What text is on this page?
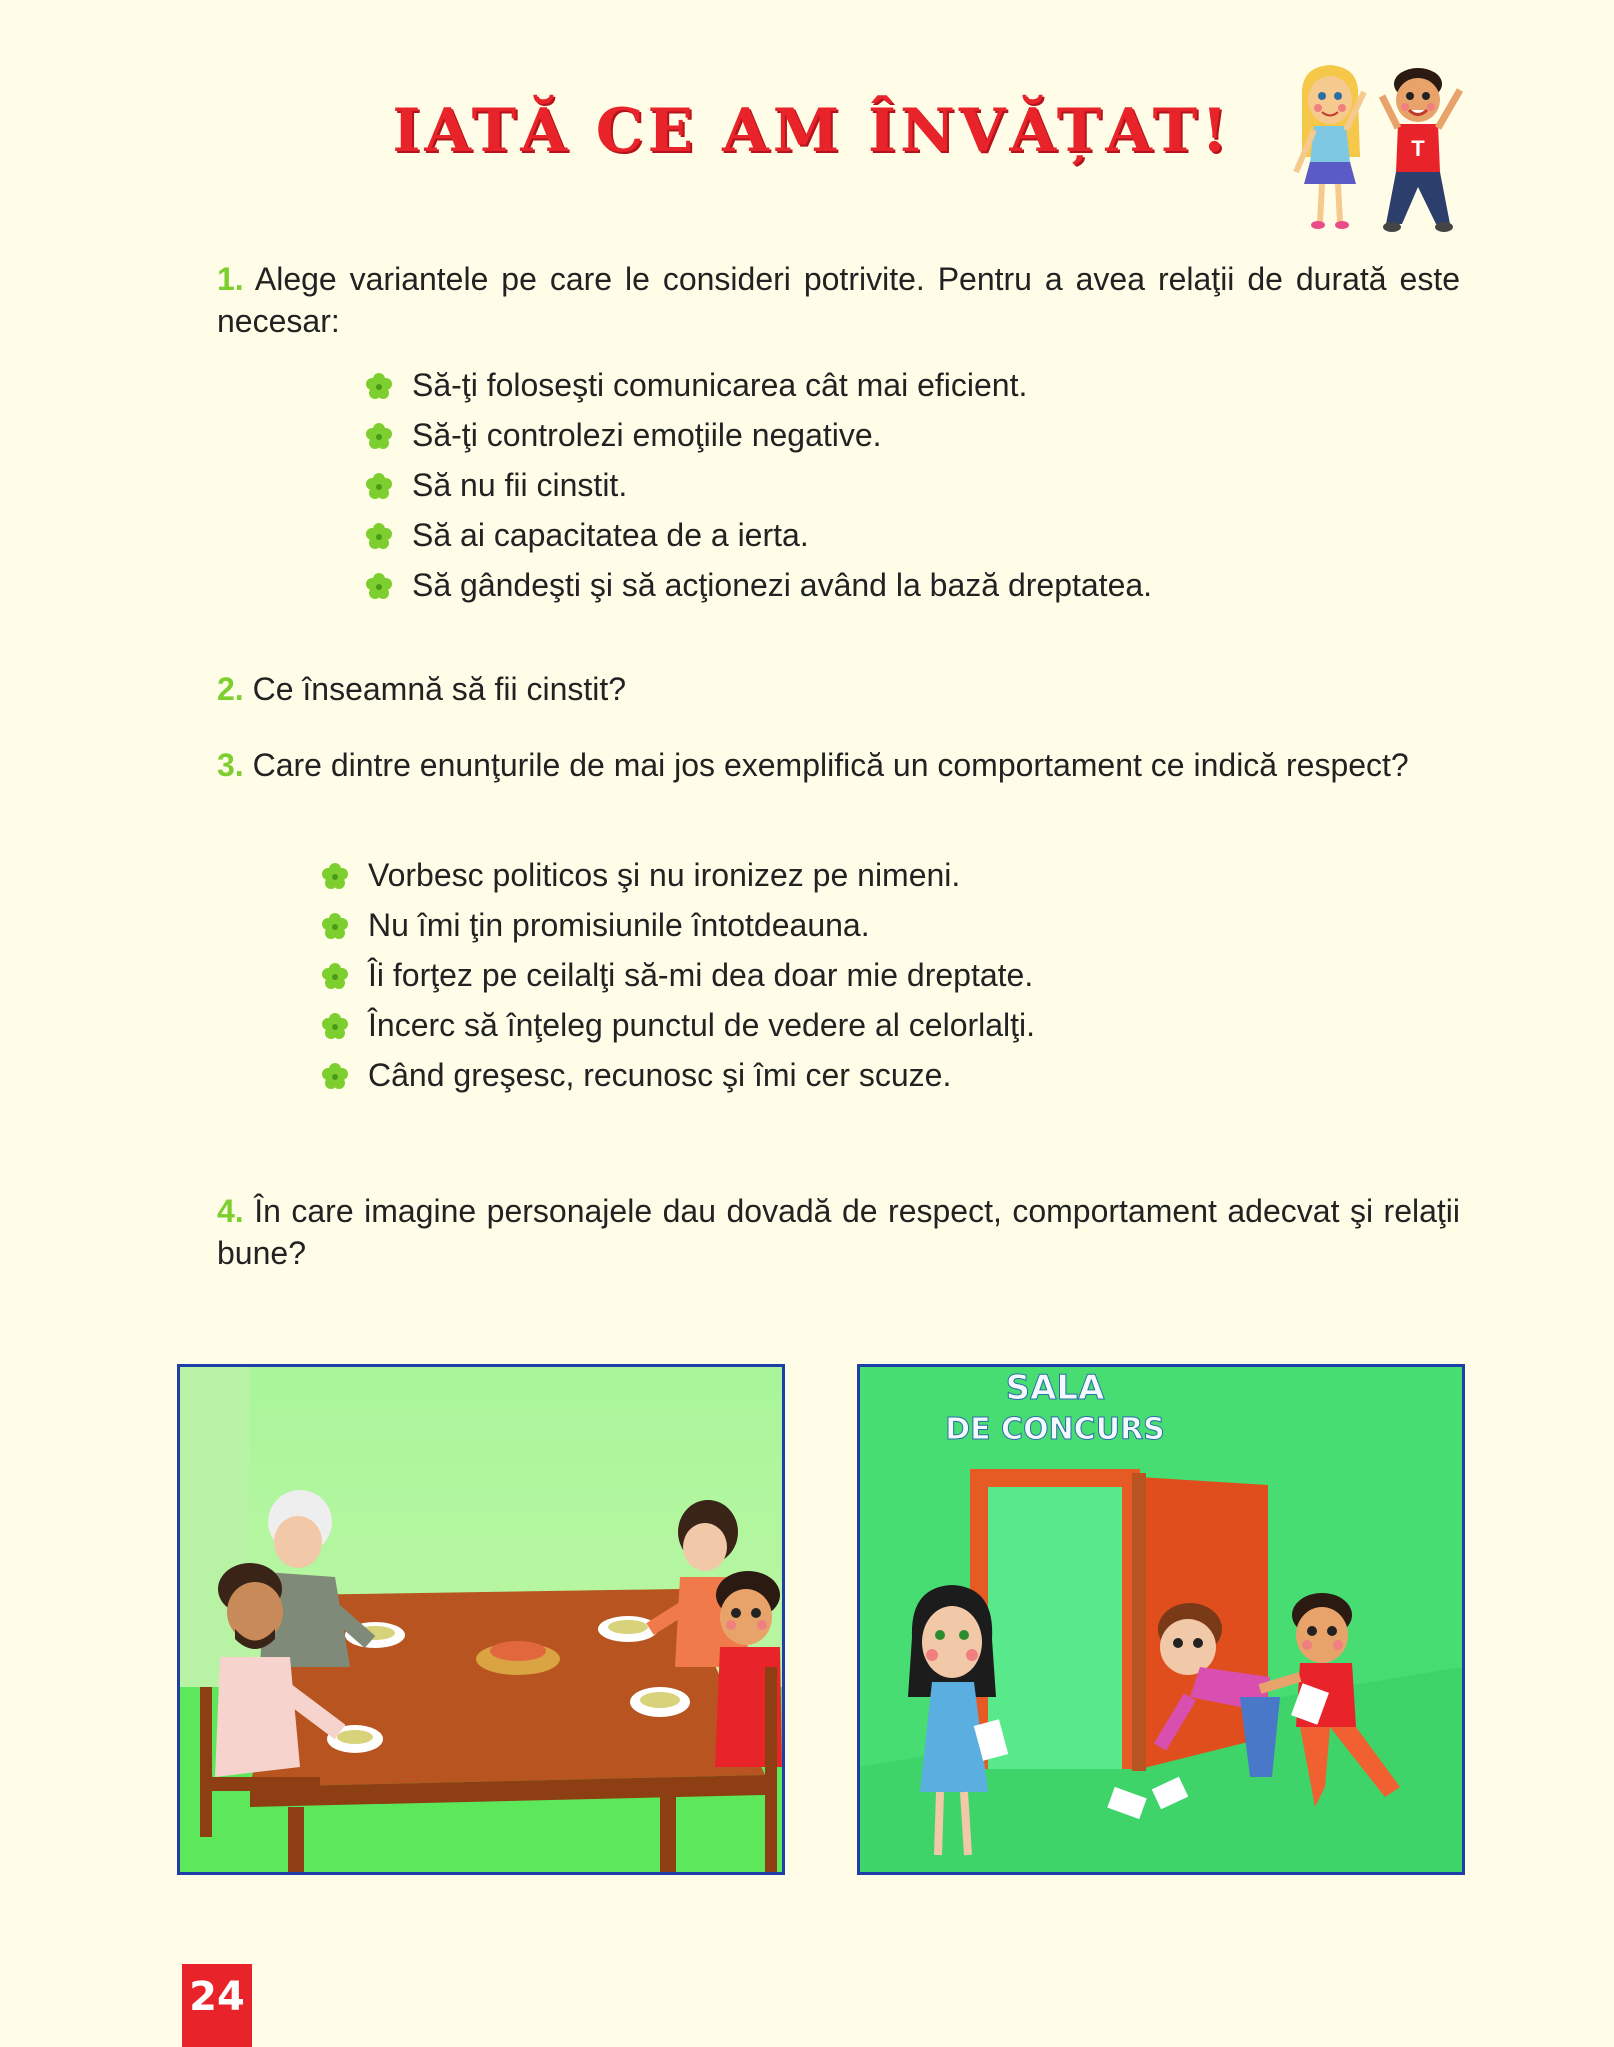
IATĂ CE AM ÎNVĂȚAT!	T

1. Alege variantele pe care le consideri potrivite. Pentru a avea relaţii de durată este necesar:

Să-ţi foloseşti comunicarea cât mai eficient.
Să-ţi controlezi emoţiile negative.
Să nu fii cinstit.
Să ai capacitatea de a ierta.
Să gândeşti şi să acţionezi având la bază dreptatea.

2. Ce înseamnă să fii cinstit?

3. Care dintre enunţurile de mai jos exemplifică un comportament ce indică respect?

Vorbesc politicos şi nu ironizez pe nimeni.
Nu îmi ţin promisiunile întotdeauna.
Îi forţez pe ceilalţi să-mi dea doar mie dreptate.
Încerc să înţeleg punctul de vedere al celorlalţi.
Când greşesc, recunosc şi îmi cer scuze.

4. În care imagine personajele dau dovadă de respect, comportament adecvat şi relaţii bune?

SALA
DE CONCURS
24
